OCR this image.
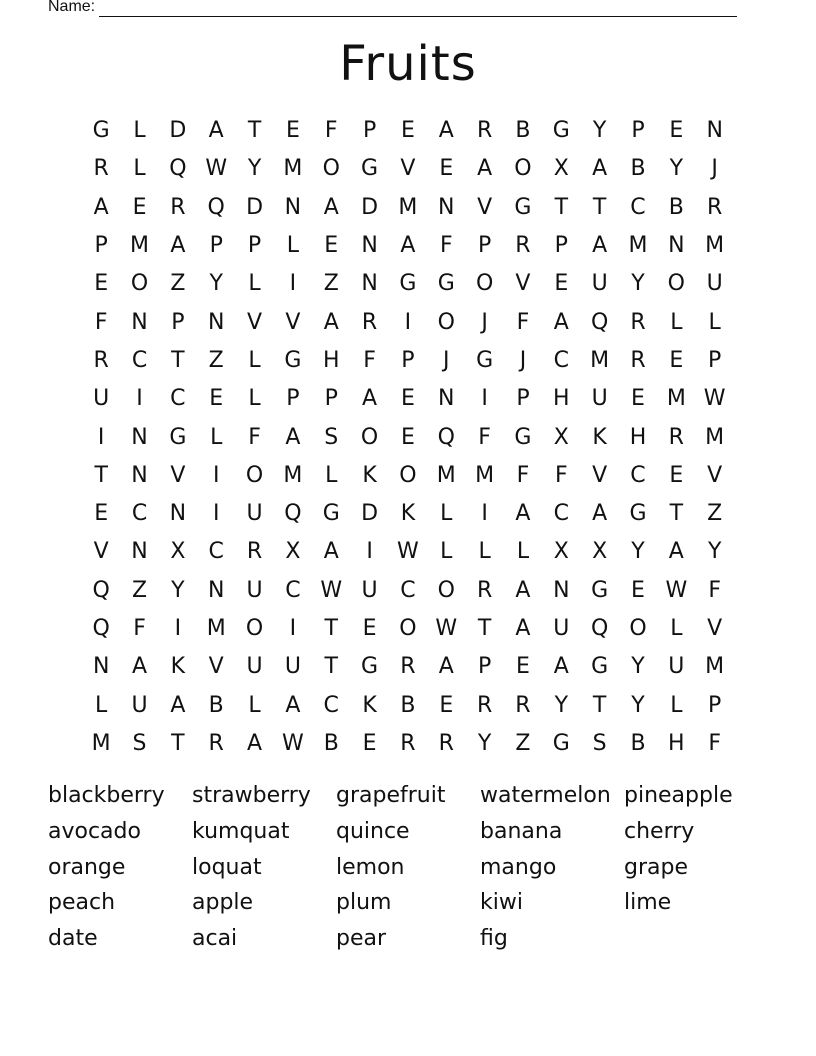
Name:
Fruits
G	L	D	A	T	E	F	P	E	A	R	B	G	Y	P	E	N
R	L	Q W Y	M O G	V	E	A	O	X	A	B	Y	J
A	E	R	Q D N	A	D M N	V	G	T	T	C	B	R
P	M A	P	P	L	E	N	A	F	P	R	P	A M N M
E	O	Z	Y	L	I	Z	N G G O	V	E	U	Y	O U
F	N	P	N	V	V	A	R	I	O	J	F	A	Q	R	L	L
R	C	T	Z	L	G H	F	P	J	G	J	C M R	E	P
U	I	C	E	L	P	P	A	E	N	I	P	H	U	E M W
I	N G	L	F	A	S	O	E	Q	F	G	X	K	H	R M
T	N	V	I	O M	L	K	O M M	F	F	V	C	E	V
E	C	N	I	U Q G D	K	L	I	A	C	A	G	T	Z
V	N	X	C	R	X	A	I	W L	L	L	X	X	Y	A	Y
Q	Z	Y	N	U	C W U	C O	R	A	N G	E W F
Q	F	I	M O	I	T	E	O W T	A	U Q O	L	V
N	A	K	V	U	U	T	G	R	A	P	E	A	G	Y	U M
L	U	A	B	L	A	C	K	B	E	R	R	Y	T	Y	L	P
M S	T	R	A W B	E	R	R	Y	Z	G	S	B	H	F
blackberry	strawberry	grapefruit	watermelon pineapple
avocado	kumquat	quince	banana	cherry
orange	loquat	lemon	mango	grape
peach	apple	plum	kiwi	lime
date	acai	pear	fig
